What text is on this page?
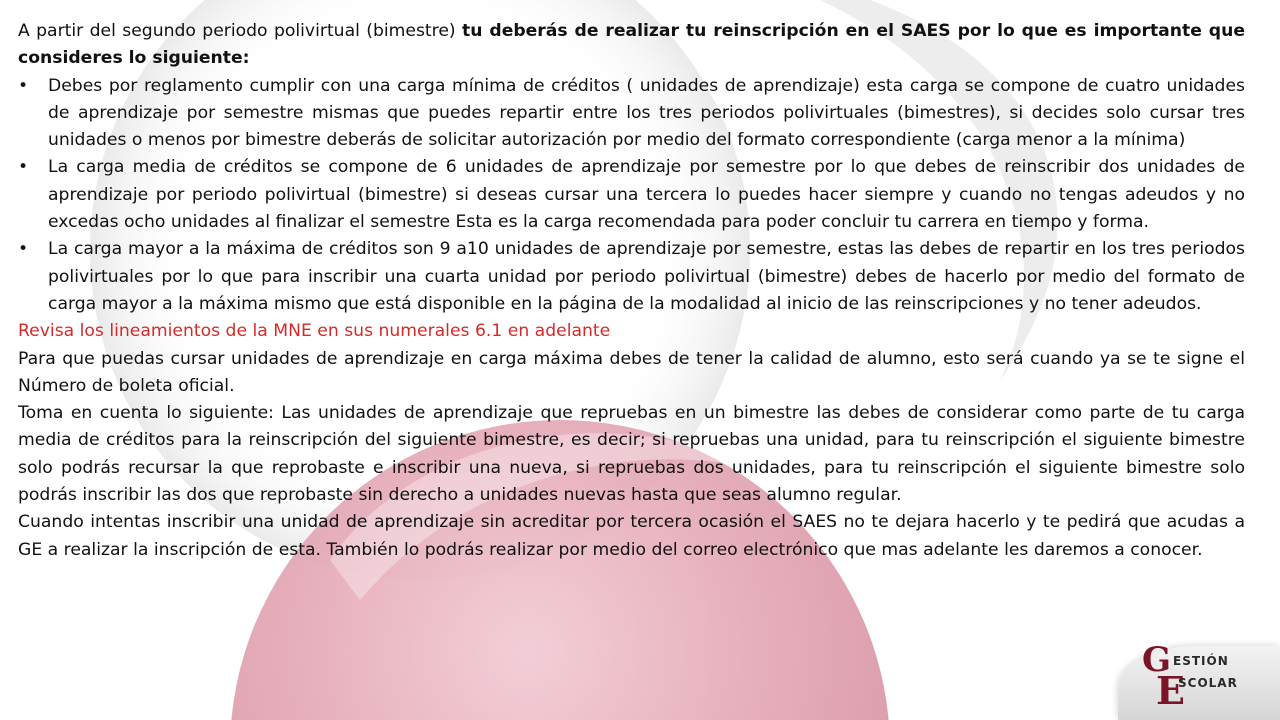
A partir del segundo periodo polivirtual (bimestre) tu deberás de realizar tu reinscripción en el SAES por lo que es importante que consideres lo siguiente:

•	Debes por reglamento cumplir con una carga mínima de créditos ( unidades de aprendizaje) esta carga se compone de cuatro unidades de aprendizaje por semestre mismas que puedes repartir entre los tres periodos polivirtuales (bimestres), si decides solo cursar tres unidades o menos por bimestre deberás de solicitar autorización por medio del formato correspondiente (carga menor a la mínima)
•	La carga media de créditos se compone de 6 unidades de aprendizaje por semestre por lo que debes de reinscribir dos unidades de aprendizaje por periodo polivirtual (bimestre) si deseas cursar una tercera lo puedes hacer siempre y cuando no tengas adeudos y no excedas ocho unidades al finalizar el semestre Esta es la carga recomendada para poder concluir tu carrera en tiempo y forma.
•	La carga mayor a la máxima de créditos son 9 a10 unidades de aprendizaje por semestre, estas las debes de repartir en los tres periodos polivirtuales por lo que para inscribir una cuarta unidad por periodo polivirtual (bimestre) debes de hacerlo por medio del formato de carga mayor a la máxima mismo que está disponible en la página de la modalidad al inicio de las reinscripciones y no tener adeudos.

Revisa los lineamientos de la MNE en sus numerales 6.1 en adelante

Para que puedas cursar unidades de aprendizaje en carga máxima debes de tener la calidad de alumno, esto será cuando ya se te signe el Número de boleta oficial.

Toma en cuenta lo siguiente: Las unidades de aprendizaje que repruebas en un bimestre las debes de considerar como parte de tu carga media de créditos para la reinscripción del siguiente bimestre, es decir; si repruebas una unidad, para tu reinscripción el siguiente bimestre solo podrás recursar la que reprobaste e inscribir una nueva, si repruebas dos unidades, para tu reinscripción el siguiente bimestre solo podrás inscribir las dos que reprobaste sin derecho a unidades nuevas hasta que seas alumno regular.

Cuando intentas inscribir una unidad de aprendizaje sin acreditar por tercera ocasión el SAES no te dejara hacerlo y te pedirá que acudas a GE a realizar la inscripción de esta. También lo podrás realizar por medio del correo electrónico que mas adelante les daremos a conocer.

G ESTIÓN
E
SCOLAR
